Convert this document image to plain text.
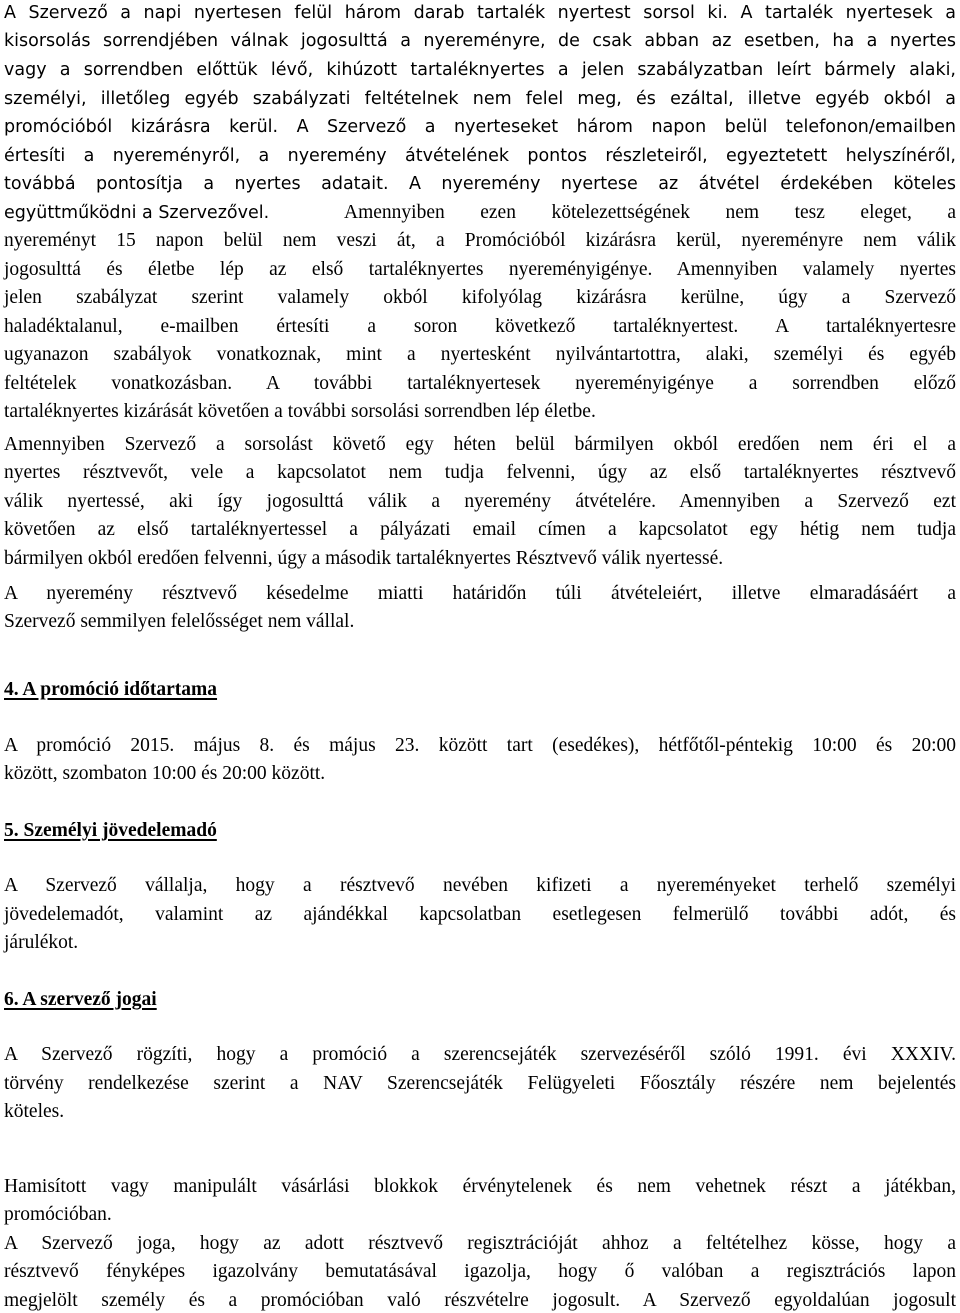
A Szervező a napi nyertesen felül három darab tartalék nyertest sorsol ki. A tartalék nyertesek a
kisorsolás sorrendjében válnak jogosulttá a nyereményre, de csak abban az esetben, ha a nyertes
vagy a sorrendben előttük lévő, kihúzott tartaléknyertes a jelen szabályzatban leírt bármely alaki,
személyi, illetőleg egyéb szabályzati feltételnek nem felel meg, és ezáltal, illetve egyéb okból a
promócióból kizárásra kerül. A Szervező a nyerteseket három napon belül telefonon/emailben
értesíti a nyereményről, a nyeremény átvételének pontos részleteiről, egyeztetett helyszínéről,
továbbá pontosítja a nyertes adatait. A nyeremény nyertese az átvétel érdekében köteles
együttműködni a Szervezővel.	Amennyiben ezen kötelezettségének nem tesz eleget, a
nyereményt 15 napon belül nem veszi át, a Promócióból kizárásra kerül, nyereményre nem válik
jogosulttá és életbe lép az első tartaléknyertes nyereményigénye. Amennyiben valamely nyertes
jelen szabályzat szerint valamely okból kifolyólag kizárásra kerülne, úgy a Szervező
haladéktalanul, e-mailben értesíti a soron következő tartaléknyertest. A tartaléknyertesre
ugyanazon szabályok vonatkoznak, mint a nyertesként nyilvántartottra, alaki, személyi és egyéb
feltételek vonatkozásban. A további tartaléknyertesek nyereményigénye a sorrendben előző
tartaléknyertes kizárását követően a további sorsolási sorrendben lép életbe.
Amennyiben Szervező a sorsolást követő egy héten belül bármilyen okból eredően nem éri el a
nyertes résztvevőt, vele a kapcsolatot nem tudja felvenni, úgy az első tartaléknyertes résztvevő
válik nyertessé, aki így jogosulttá válik a nyeremény átvételére. Amennyiben a Szervező ezt
követően az első tartaléknyertessel a pályázati email címen a kapcsolatot egy hétig nem tudja
bármilyen okból eredően felvenni, úgy a második tartaléknyertes Résztvevő válik nyertessé.
A nyeremény résztvevő késedelme miatti határidőn túli átvételeiért, illetve elmaradásáért a
Szervező semmilyen felelősséget nem vállal.
4. A promóció időtartama
A promóció 2015. május 8. és május 23. között tart (esedékes), hétfőtől-péntekig 10:00 és 20:00
között, szombaton 10:00 és 20:00 között.
5. Személyi jövedelemadó
A Szervező vállalja, hogy a résztvevő nevében kifizeti a nyereményeket terhelő személyi
jövedelemadót, valamint az ajándékkal kapcsolatban esetlegesen felmerülő további adót, és
járulékot.
6. A szervező jogai
A Szervező rögzíti, hogy a promóció a szerencsejáték szervezéséről szóló 1991. évi XXXIV.
törvény rendelkezése szerint a NAV Szerencsejáték Felügyeleti Főosztály részére nem bejelentés
köteles.
Hamisított vagy manipulált vásárlási blokkok érvénytelenek és nem vehetnek részt a játékban,
promócióban.
A Szervező joga, hogy az adott résztvevő regisztrációját ahhoz a feltételhez kösse, hogy a
résztvevő fényképes igazolvány bemutatásával igazolja, hogy ő valóban a regisztrációs lapon
megjelölt személy és a promócióban való részvételre jogosult. A Szervező egyoldalúan jogosult
